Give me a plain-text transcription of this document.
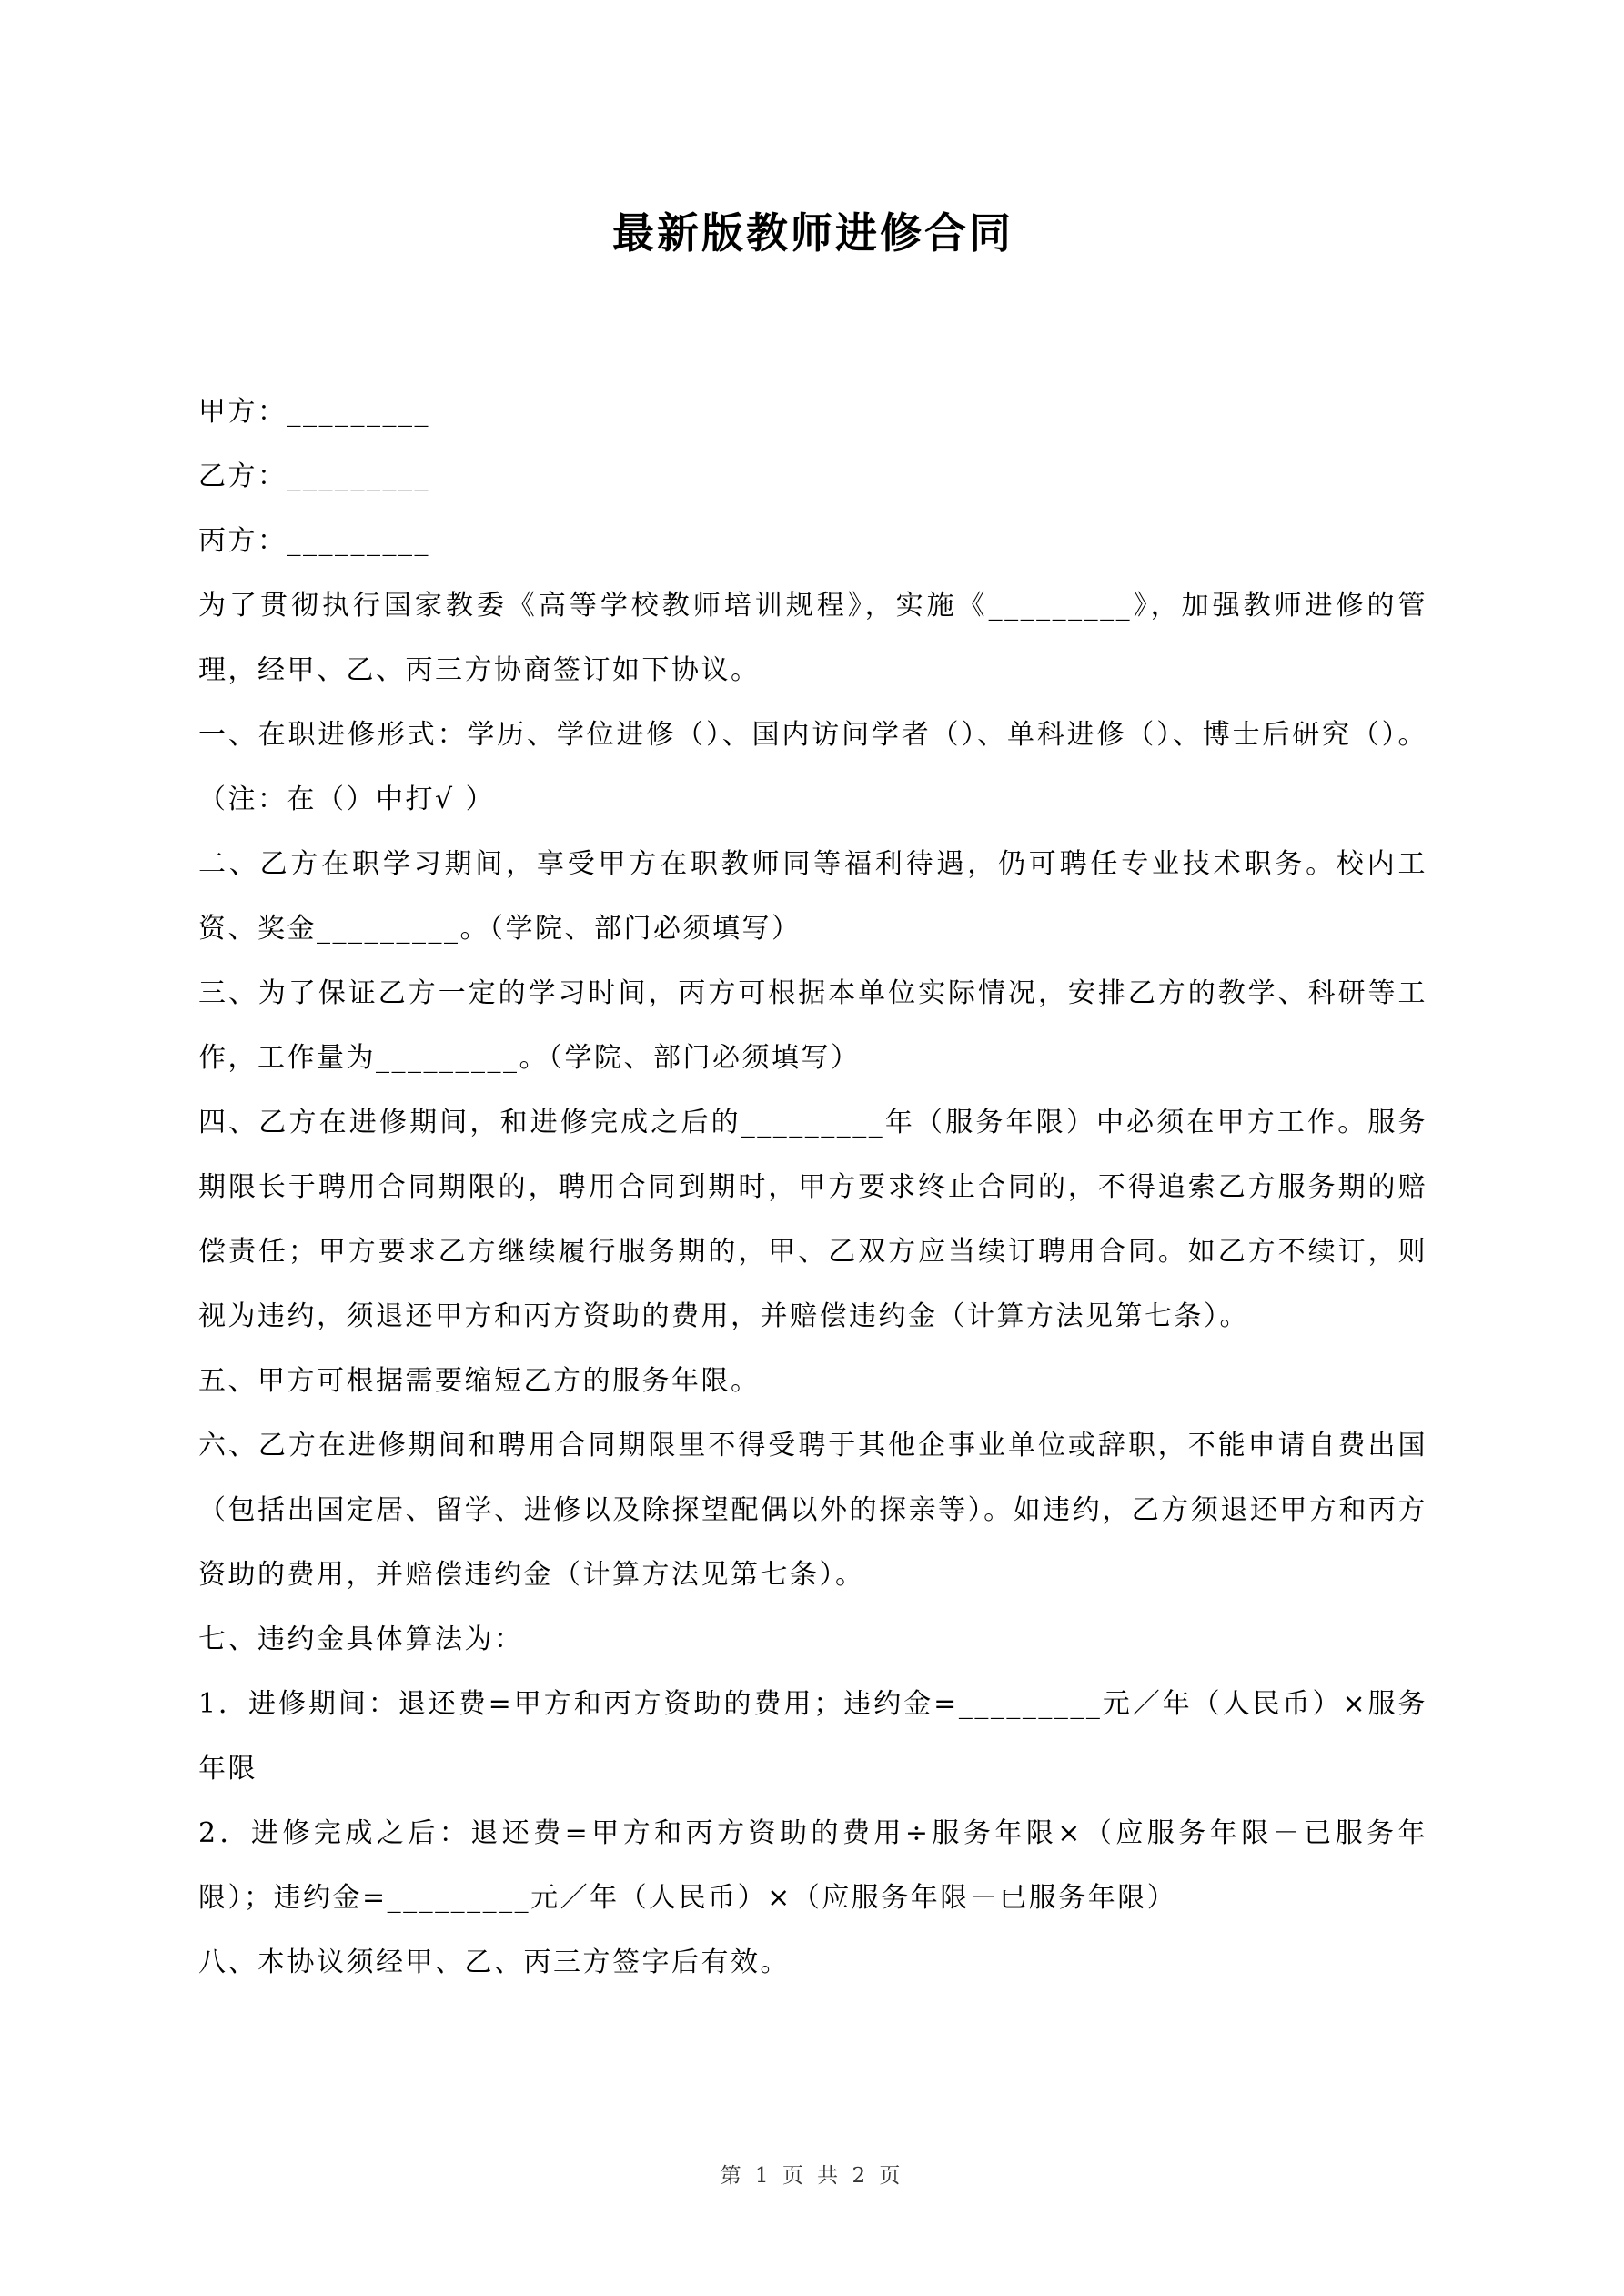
最新版教师进修合同

甲方：_________

乙方：_________

丙方：_________

为了贯彻执行国家教委《高等学校教师培训规程》，实施《_________》，加强教师进修的管理，经甲、乙、丙三方协商签订如下协议。

一、在职进修形式：学历、学位进修（）、国内访问学者（）、单科进修（）、博士后研究（）。（注：在（）中打√ ）

二、乙方在职学习期间，享受甲方在职教师同等福利待遇，仍可聘任专业技术职务。校内工资、奖金_________。（学院、部门必须填写）

三、为了保证乙方一定的学习时间，丙方可根据本单位实际情况，安排乙方的教学、科研等工作，工作量为_________。（学院、部门必须填写）

四、乙方在进修期间，和进修完成之后的_________年（服务年限）中必须在甲方工作。服务期限长于聘用合同期限的，聘用合同到期时，甲方要求终止合同的，不得追索乙方服务期的赔偿责任；甲方要求乙方继续履行服务期的，甲、乙双方应当续订聘用合同。如乙方不续订，则视为违约，须退还甲方和丙方资助的费用，并赔偿违约金（计算方法见第七条）。

五、甲方可根据需要缩短乙方的服务年限。

六、乙方在进修期间和聘用合同期限里不得受聘于其他企事业单位或辞职，不能申请自费出国（包括出国定居、留学、进修以及除探望配偶以外的探亲等）。如违约，乙方须退还甲方和丙方资助的费用，并赔偿违约金（计算方法见第七条）。

七、违约金具体算法为：

1．进修期间：退还费=甲方和丙方资助的费用；违约金=_________元／年（人民币）×服务年限

2．进修完成之后：退还费=甲方和丙方资助的费用÷服务年限×（应服务年限－已服务年限）；违约金=_________元／年（人民币）×（应服务年限－已服务年限）

八、本协议须经甲、乙、丙三方签字后有效。

第 1 页 共 2 页
